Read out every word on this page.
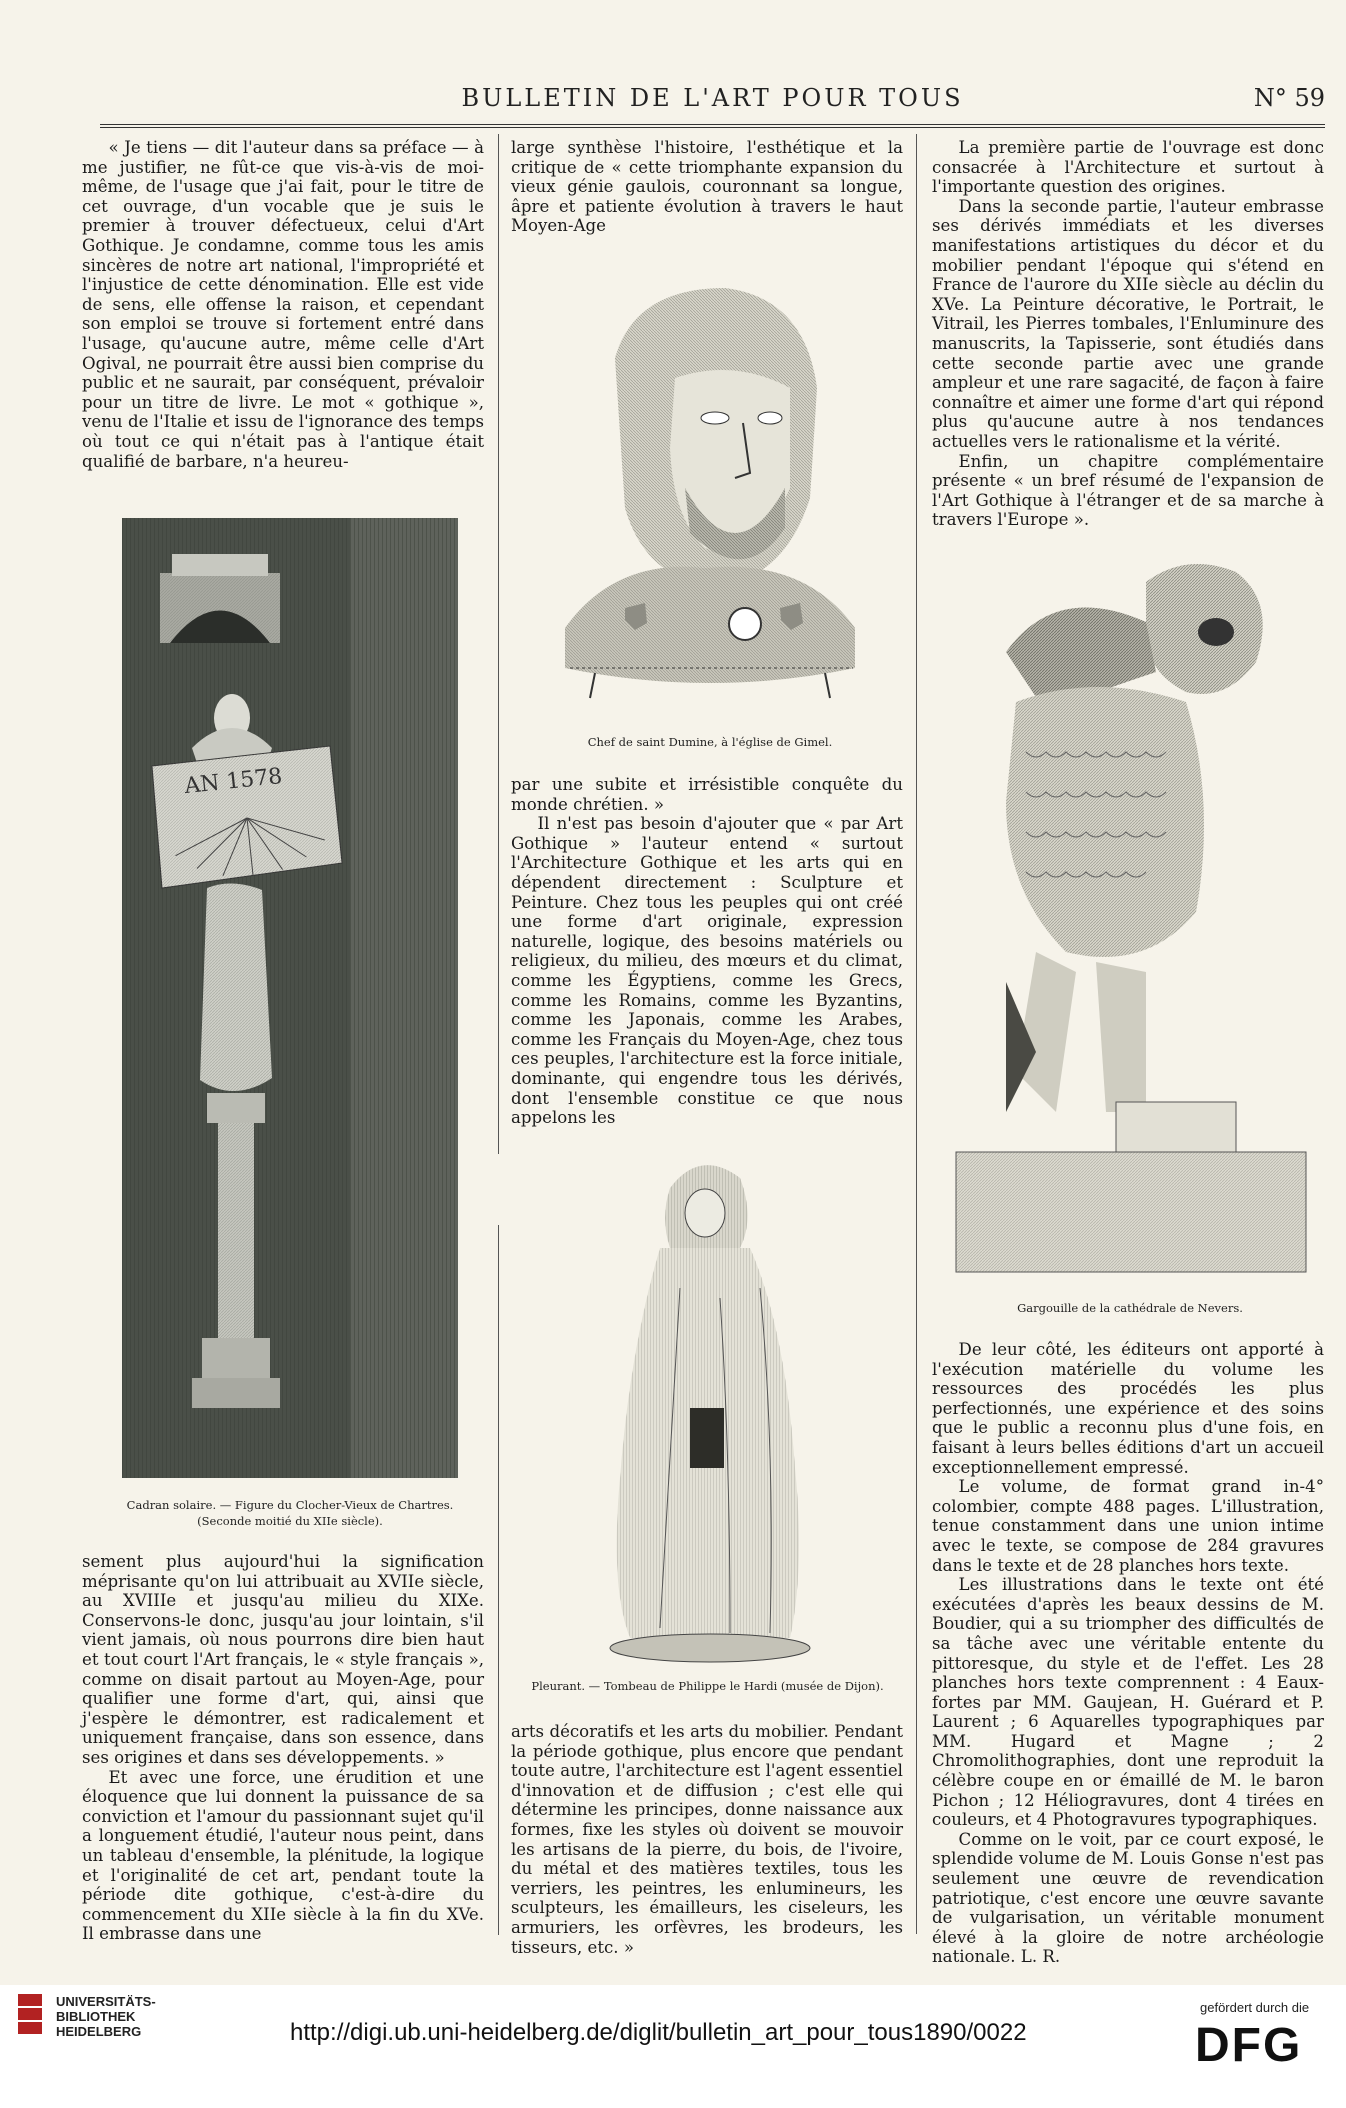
BULLETIN DE L'ART POUR TOUS	N° 59

« Je tiens — dit l'auteur dans sa préface — à me justifier, ne fût-ce que vis-à-vis de moi-même, de l'usage que j'ai fait, pour le titre de cet ouvrage, d'un vocable que je suis le premier à trouver défectueux, celui d'Art Gothique. Je condamne, comme tous les amis sincères de notre art national, l'impropriété et l'injustice de cette dénomination. Elle est vide de sens, elle offense la raison, et cependant son emploi se trouve si fortement entré dans l'usage, qu'aucune autre, même celle d'Art Ogival, ne pourrait être aussi bien comprise du public et ne saurait, par conséquent, prévaloir pour un titre de livre. Le mot « gothique », venu de l'Italie et issu de l'ignorance des temps où tout ce qui n'était pas à l'antique était qualifié de barbare, n'a heureu-

AN 1578
Cadran solaire. — Figure du Clocher-Vieux de Chartres.
(Seconde moitié du XIIe siècle).

sement plus aujourd'hui la signification méprisante qu'on lui attribuait au XVIIe siècle, au XVIIIe et jusqu'au milieu du XIXe. Conservons-le donc, jusqu'au jour lointain, s'il vient jamais, où nous pourrons dire bien haut et tout court l'Art français, le « style français », comme on disait partout au Moyen-Age, pour qualifier une forme d'art, qui, ainsi que j'espère le démontrer, est radicalement et uniquement française, dans son essence, dans ses origines et dans ses développements. »

Et avec une force, une érudition et une éloquence que lui donnent la puissance de sa conviction et l'amour du passionnant sujet qu'il a longuement étudié, l'auteur nous peint, dans un tableau d'ensemble, la plénitude, la logique et l'originalité de cet art, pendant toute la période dite gothique, c'est-à-dire du commencement du XIIe siècle à la fin du XVe. Il embrasse dans une

large synthèse l'histoire, l'esthétique et la critique de « cette triomphante expansion du vieux génie gaulois, couronnant sa longue, âpre et patiente évolution à travers le haut Moyen-Age

Chef de saint Dumine, à l'église de Gimel.

par une subite et irrésistible conquête du monde chrétien. »

Il n'est pas besoin d'ajouter que « par Art Gothique » l'auteur entend « surtout l'Architecture Gothique et les arts qui en dépendent directement : Sculpture et Peinture. Chez tous les peuples qui ont créé une forme d'art originale, expression naturelle, logique, des besoins matériels ou religieux, du milieu, des mœurs et du climat, comme les Égyptiens, comme les Grecs, comme les Romains, comme les Byzantins, comme les Japonais, comme les Arabes, comme les Français du Moyen-Age, chez tous ces peuples, l'architecture est la force initiale, dominante, qui engendre tous les dérivés, dont l'ensemble constitue ce que nous appelons les

Pleurant. — Tombeau de Philippe le Hardi (musée de Dijon).

arts décoratifs et les arts du mobilier. Pendant la période gothique, plus encore que pendant toute autre, l'architecture est l'agent essentiel d'innovation et de diffusion ; c'est elle qui détermine les principes, donne naissance aux formes, fixe les styles où doivent se mouvoir les artisans de la pierre, du bois, de l'ivoire, du métal et des matières textiles, tous les verriers, les peintres, les enlumineurs, les sculpteurs, les émailleurs, les ciseleurs, les armuriers, les orfèvres, les brodeurs, les tisseurs, etc. »

La première partie de l'ouvrage est donc consacrée à l'Architecture et surtout à l'importante question des origines.

Dans la seconde partie, l'auteur embrasse ses dérivés immédiats et les diverses manifestations artistiques du décor et du mobilier pendant l'époque qui s'étend en France de l'aurore du XIIe siècle au déclin du XVe. La Peinture décorative, le Portrait, le Vitrail, les Pierres tombales, l'Enluminure des manuscrits, la Tapisserie, sont étudiés dans cette seconde partie avec une grande ampleur et une rare sagacité, de façon à faire connaître et aimer une forme d'art qui répond plus qu'aucune autre à nos tendances actuelles vers le rationalisme et la vérité.

Enfin, un chapitre complémentaire présente « un bref résumé de l'expansion de l'Art Gothique à l'étranger et de sa marche à travers l'Europe ».

Gargouille de la cathédrale de Nevers.

De leur côté, les éditeurs ont apporté à l'exécution matérielle du volume les ressources des procédés les plus perfectionnés, une expérience et des soins que le public a reconnu plus d'une fois, en faisant à leurs belles éditions d'art un accueil exceptionnellement empressé.

Le volume, de format grand in-4° colombier, compte 488 pages. L'illustration, tenue constamment dans une union intime avec le texte, se compose de 284 gravures dans le texte et de 28 planches hors texte.

Les illustrations dans le texte ont été exécutées d'après les beaux dessins de M. Boudier, qui a su triompher des difficultés de sa tâche avec une véritable entente du pittoresque, du style et de l'effet. Les 28 planches hors texte comprennent : 4 Eaux-fortes par MM. Gaujean, H. Guérard et P. Laurent ; 6 Aquarelles typographiques par MM. Hugard et Magne ; 2 Chromolithographies, dont une reproduit la célèbre coupe en or émaillé de M. le baron Pichon ; 12 Héliogravures, dont 4 tirées en couleurs, et 4 Photogravures typographiques.

Comme on le voit, par ce court exposé, le splendide volume de M. Louis Gonse n'est pas seulement une œuvre de revendication patriotique, c'est encore une œuvre savante de vulgarisation, un véritable monument élevé à la gloire de notre archéologie nationale. L. R.

UNIVERSITÄTS-
BIBLIOTHEK
HEIDELBERG	http://digi.ub.uni-heidelberg.de/diglit/bulletin_art_pour_tous1890/0022
gefördert durch die
DFG
